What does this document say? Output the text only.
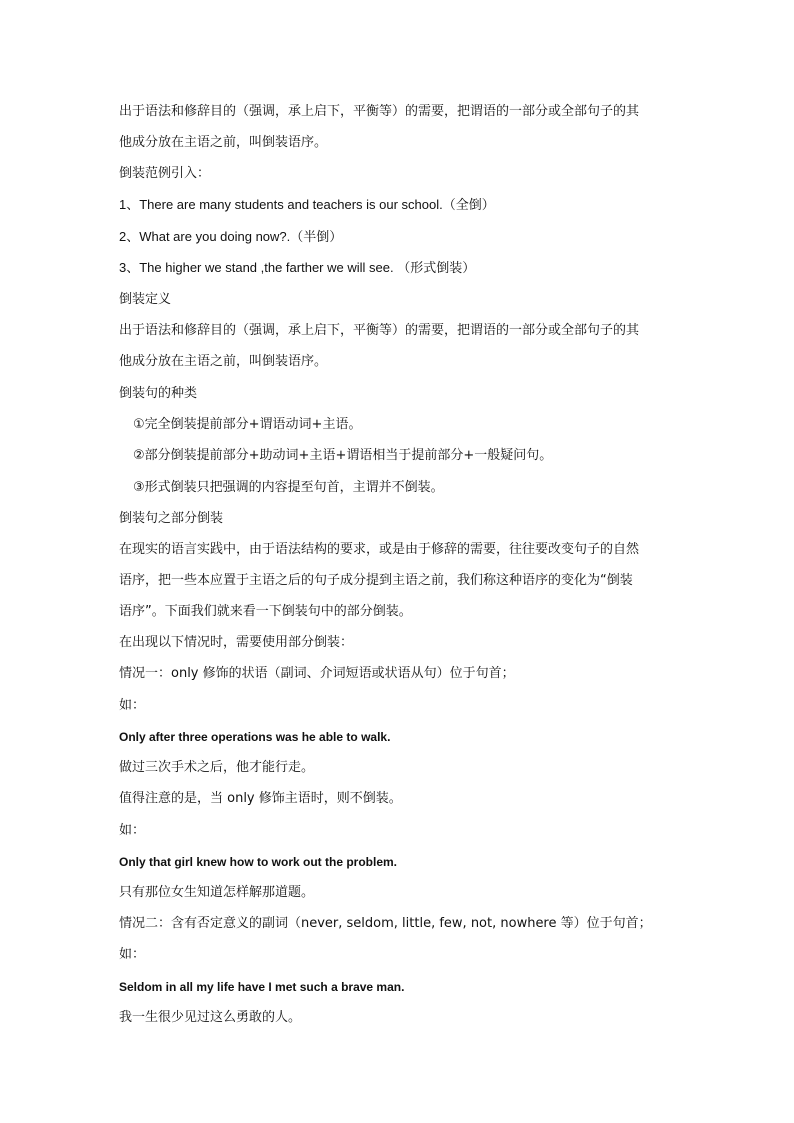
出于语法和修辞目的（强调，承上启下，平衡等）的需要，把谓语的一部分或全部句子的其
他成分放在主语之前，叫倒装语序。
倒装范例引入：
1、There are many students and teachers is our school.（全倒）
2、What are you doing now?.（半倒）
3、The higher we stand ,the farther we will see. （形式倒装）
倒装定义
出于语法和修辞目的（强调，承上启下，平衡等）的需要，把谓语的一部分或全部句子的其
他成分放在主语之前，叫倒装语序。
倒装句的种类
①完全倒装提前部分+谓语动词+主语。
②部分倒装提前部分+助动词+主语+谓语相当于提前部分+一般疑问句。
③形式倒装只把强调的内容提至句首，主谓并不倒装。
倒装句之部分倒装
在现实的语言实践中，由于语法结构的要求，或是由于修辞的需要，往往要改变句子的自然
语序，把一些本应置于主语之后的句子成分提到主语之前，我们称这种语序的变化为“倒装
语序”。下面我们就来看一下倒装句中的部分倒装。
在出现以下情况时，需要使用部分倒装：
情况一：only 修饰的状语（副词、介词短语或状语从句）位于句首；
如：
Only after three operations was he able to walk.
做过三次手术之后，他才能行走。
值得注意的是，当 only 修饰主语时，则不倒装。
如：
Only that girl knew how to work out the problem.
只有那位女生知道怎样解那道题。
情况二：含有否定意义的副词（never, seldom, little, few, not, nowhere 等）位于句首；
如：
Seldom in all my life have I met such a brave man.
我一生很少见过这么勇敢的人。
